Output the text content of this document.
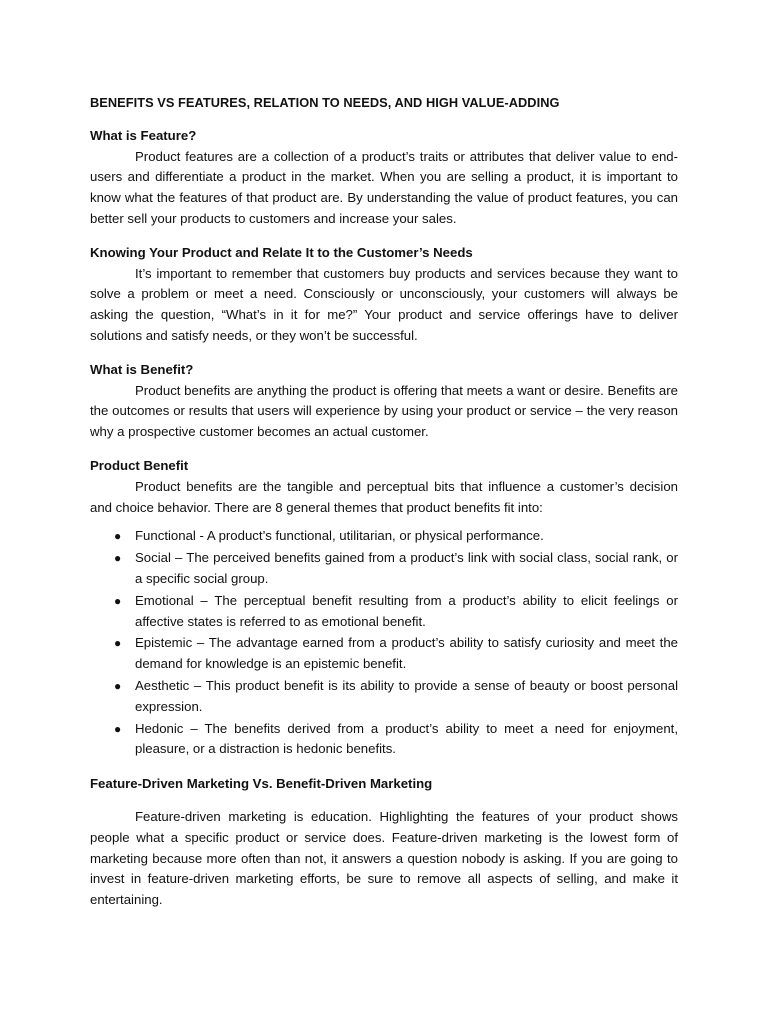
BENEFITS VS FEATURES, RELATION TO NEEDS, AND HIGH VALUE-ADDING
What is Feature?

Product features are a collection of a product’s traits or attributes that deliver value to end-users and differentiate a product in the market. When you are selling a product, it is important to know what the features of that product are. By understanding the value of product features, you can better sell your products to customers and increase your sales.

Knowing Your Product and Relate It to the Customer’s Needs

It’s important to remember that customers buy products and services because they want to solve a problem or meet a need. Consciously or unconsciously, your customers will always be asking the question, “What’s in it for me?” Your product and service offerings have to deliver solutions and satisfy needs, or they won’t be successful.

What is Benefit?

Product benefits are anything the product is offering that meets a want or desire. Benefits are the outcomes or results that users will experience by using your product or service – the very reason why a prospective customer becomes an actual customer.

Product Benefit

Product benefits are the tangible and perceptual bits that influence a customer’s decision and choice behavior. There are 8 general themes that product benefits fit into:

● Functional - A product’s functional, utilitarian, or physical performance.
● Social – The perceived benefits gained from a product’s link with social class, social rank, or a specific social group.
● Emotional – The perceptual benefit resulting from a product’s ability to elicit feelings or affective states is referred to as emotional benefit.
● Epistemic – The advantage earned from a product’s ability to satisfy curiosity and meet the demand for knowledge is an epistemic benefit.
● Aesthetic – This product benefit is its ability to provide a sense of beauty or boost personal expression.
● Hedonic – The benefits derived from a product’s ability to meet a need for enjoyment, pleasure, or a distraction is hedonic benefits.
Feature-Driven Marketing Vs. Benefit-Driven Marketing

Feature-driven marketing is education. Highlighting the features of your product shows people what a specific product or service does. Feature-driven marketing is the lowest form of marketing because more often than not, it answers a question nobody is asking. If you are going to invest in feature-driven marketing efforts, be sure to remove all aspects of selling, and make it entertaining.
